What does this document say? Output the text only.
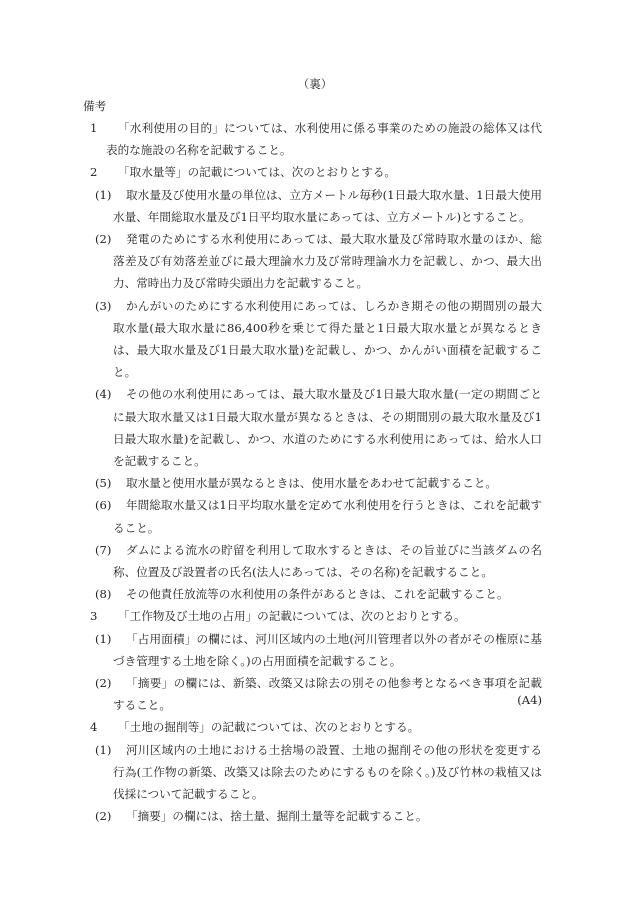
（裏）
備考
1	「水利使用の目的」については、水利使用に係る事業のための施設の総体又は代表的な施設の名称を記載すること。
2	「取水量等」の記載については、次のとおりとする。
(1) 取水量及び使用水量の単位は、立方メートル毎秒(1日最大取水量、1日最大使用水量、年間総取水量及び1日平均取水量にあっては、立方メートル)とすること。
(2) 発電のためにする水利使用にあっては、最大取水量及び常時取水量のほか、総落差及び有効落差並びに最大理論水力及び常時理論水力を記載し、かつ、最大出力、常時出力及び常時尖頭出力を記載すること。
(3) かんがいのためにする水利使用にあっては、しろかき期その他の期間別の最大取水量(最大取水量に86,400秒を乗じて得た量と1日最大取水量とが異なるときは、最大取水量及び1日最大取水量)を記載し、かつ、かんがい面積を記載すること。
(4) その他の水利使用にあっては、最大取水量及び1日最大取水量(一定の期間ごとに最大取水量又は1日最大取水量が異なるときは、その期間別の最大取水量及び1日最大取水量)を記載し、かつ、水道のためにする水利使用にあっては、給水人口を記載すること。
(5) 取水量と使用水量が異なるときは、使用水量をあわせて記載すること。
(6) 年間総取水量又は1日平均取水量を定めて水利使用を行うときは、これを記載すること。
(7) ダムによる流水の貯留を利用して取水するときは、その旨並びに当該ダムの名称、位置及び設置者の氏名(法人にあっては、その名称)を記載すること。
(8) その他責任放流等の水利使用の条件があるときは、これを記載すること。
3	「工作物及び土地の占用」の記載については、次のとおりとする。
(1) 「占用面積」の欄には、河川区域内の土地(河川管理者以外の者がその権原に基づき管理する土地を除く。)の占用面積を記載すること。
(2) 「摘要」の欄には、新築、改築又は除去の別その他参考となるべき事項を記載すること。
4	「土地の掘削等」の記載については、次のとおりとする。
(1) 河川区域内の土地における土捨場の設置、土地の掘削その他の形状を変更する行為(工作物の新築、改築又は除去のためにするものを除く。)及び竹林の栽植又は伐採について記載すること。
(2) 「摘要」の欄には、捨土量、掘削土量等を記載すること。
(A4)
